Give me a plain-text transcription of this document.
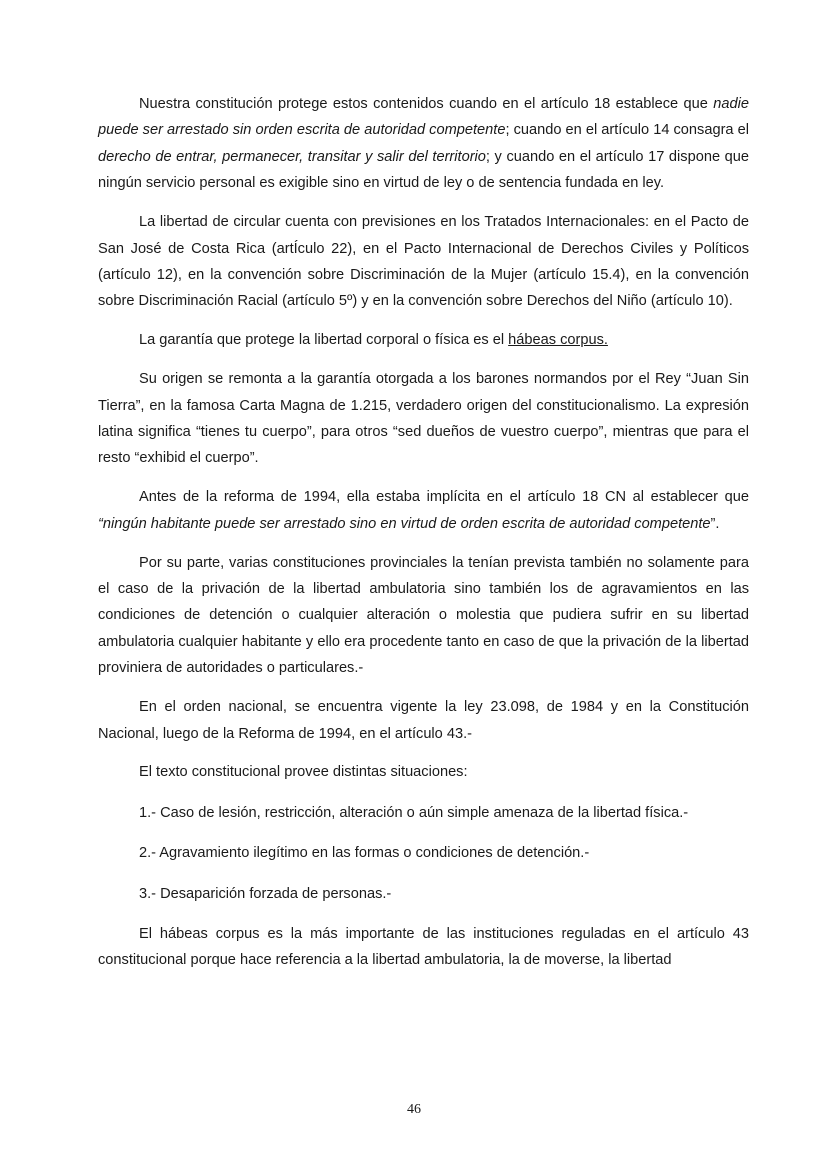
Nuestra constitución protege estos contenidos cuando en el artículo 18 establece que nadie puede ser arrestado sin orden escrita de autoridad competente; cuando en el artículo 14 consagra el derecho de entrar, permanecer, transitar y salir del territorio; y cuando en el artículo 17 dispone que ningún servicio personal es exigible sino en virtud de ley o de sentencia fundada en ley.

La libertad de circular cuenta con previsiones en los Tratados Internacionales: en el Pacto de San José de Costa Rica (artÍculo 22), en el Pacto Internacional de Derechos Civiles y Políticos (artículo 12), en la convención sobre Discriminación de la Mujer (artículo 15.4), en la convención sobre Discriminación Racial (artículo 5º) y en la convención sobre Derechos del Niño (artículo 10).

La garantía que protege la libertad corporal o física es el hábeas corpus.

Su origen se remonta a la garantía otorgada a los barones normandos por el Rey “Juan Sin Tierra”, en la famosa Carta Magna de 1.215, verdadero origen del constitucionalismo. La expresión latina significa “tienes tu cuerpo”, para otros “sed dueños de vuestro cuerpo”, mientras que para el resto “exhibid el cuerpo”.

Antes de la reforma de 1994, ella estaba implícita en el artículo 18 CN al establecer que “ningún habitante puede ser arrestado sino en virtud de orden escrita de autoridad competente”.

Por su parte, varias constituciones provinciales la tenían prevista también no solamente para el caso de la privación de la libertad ambulatoria sino también los de agravamientos en las condiciones de detención o cualquier alteración o molestia que pudiera sufrir en su libertad ambulatoria cualquier habitante y ello era procedente tanto en caso de que la privación de la libertad proviniera de autoridades o particulares.-

En el orden nacional, se encuentra vigente la ley 23.098, de 1984 y en la Constitución Nacional, luego de la Reforma de 1994, en el artículo 43.-

El texto constitucional provee distintas situaciones:

1.- Caso de lesión, restricción, alteración o aún simple amenaza de la libertad física.-

2.- Agravamiento ilegítimo en las formas o condiciones de detención.-

3.- Desaparición forzada de personas.-

El hábeas corpus es la más importante de las instituciones reguladas en el artículo 43 constitucional porque hace referencia a la libertad ambulatoria, la de moverse, la libertad

46
